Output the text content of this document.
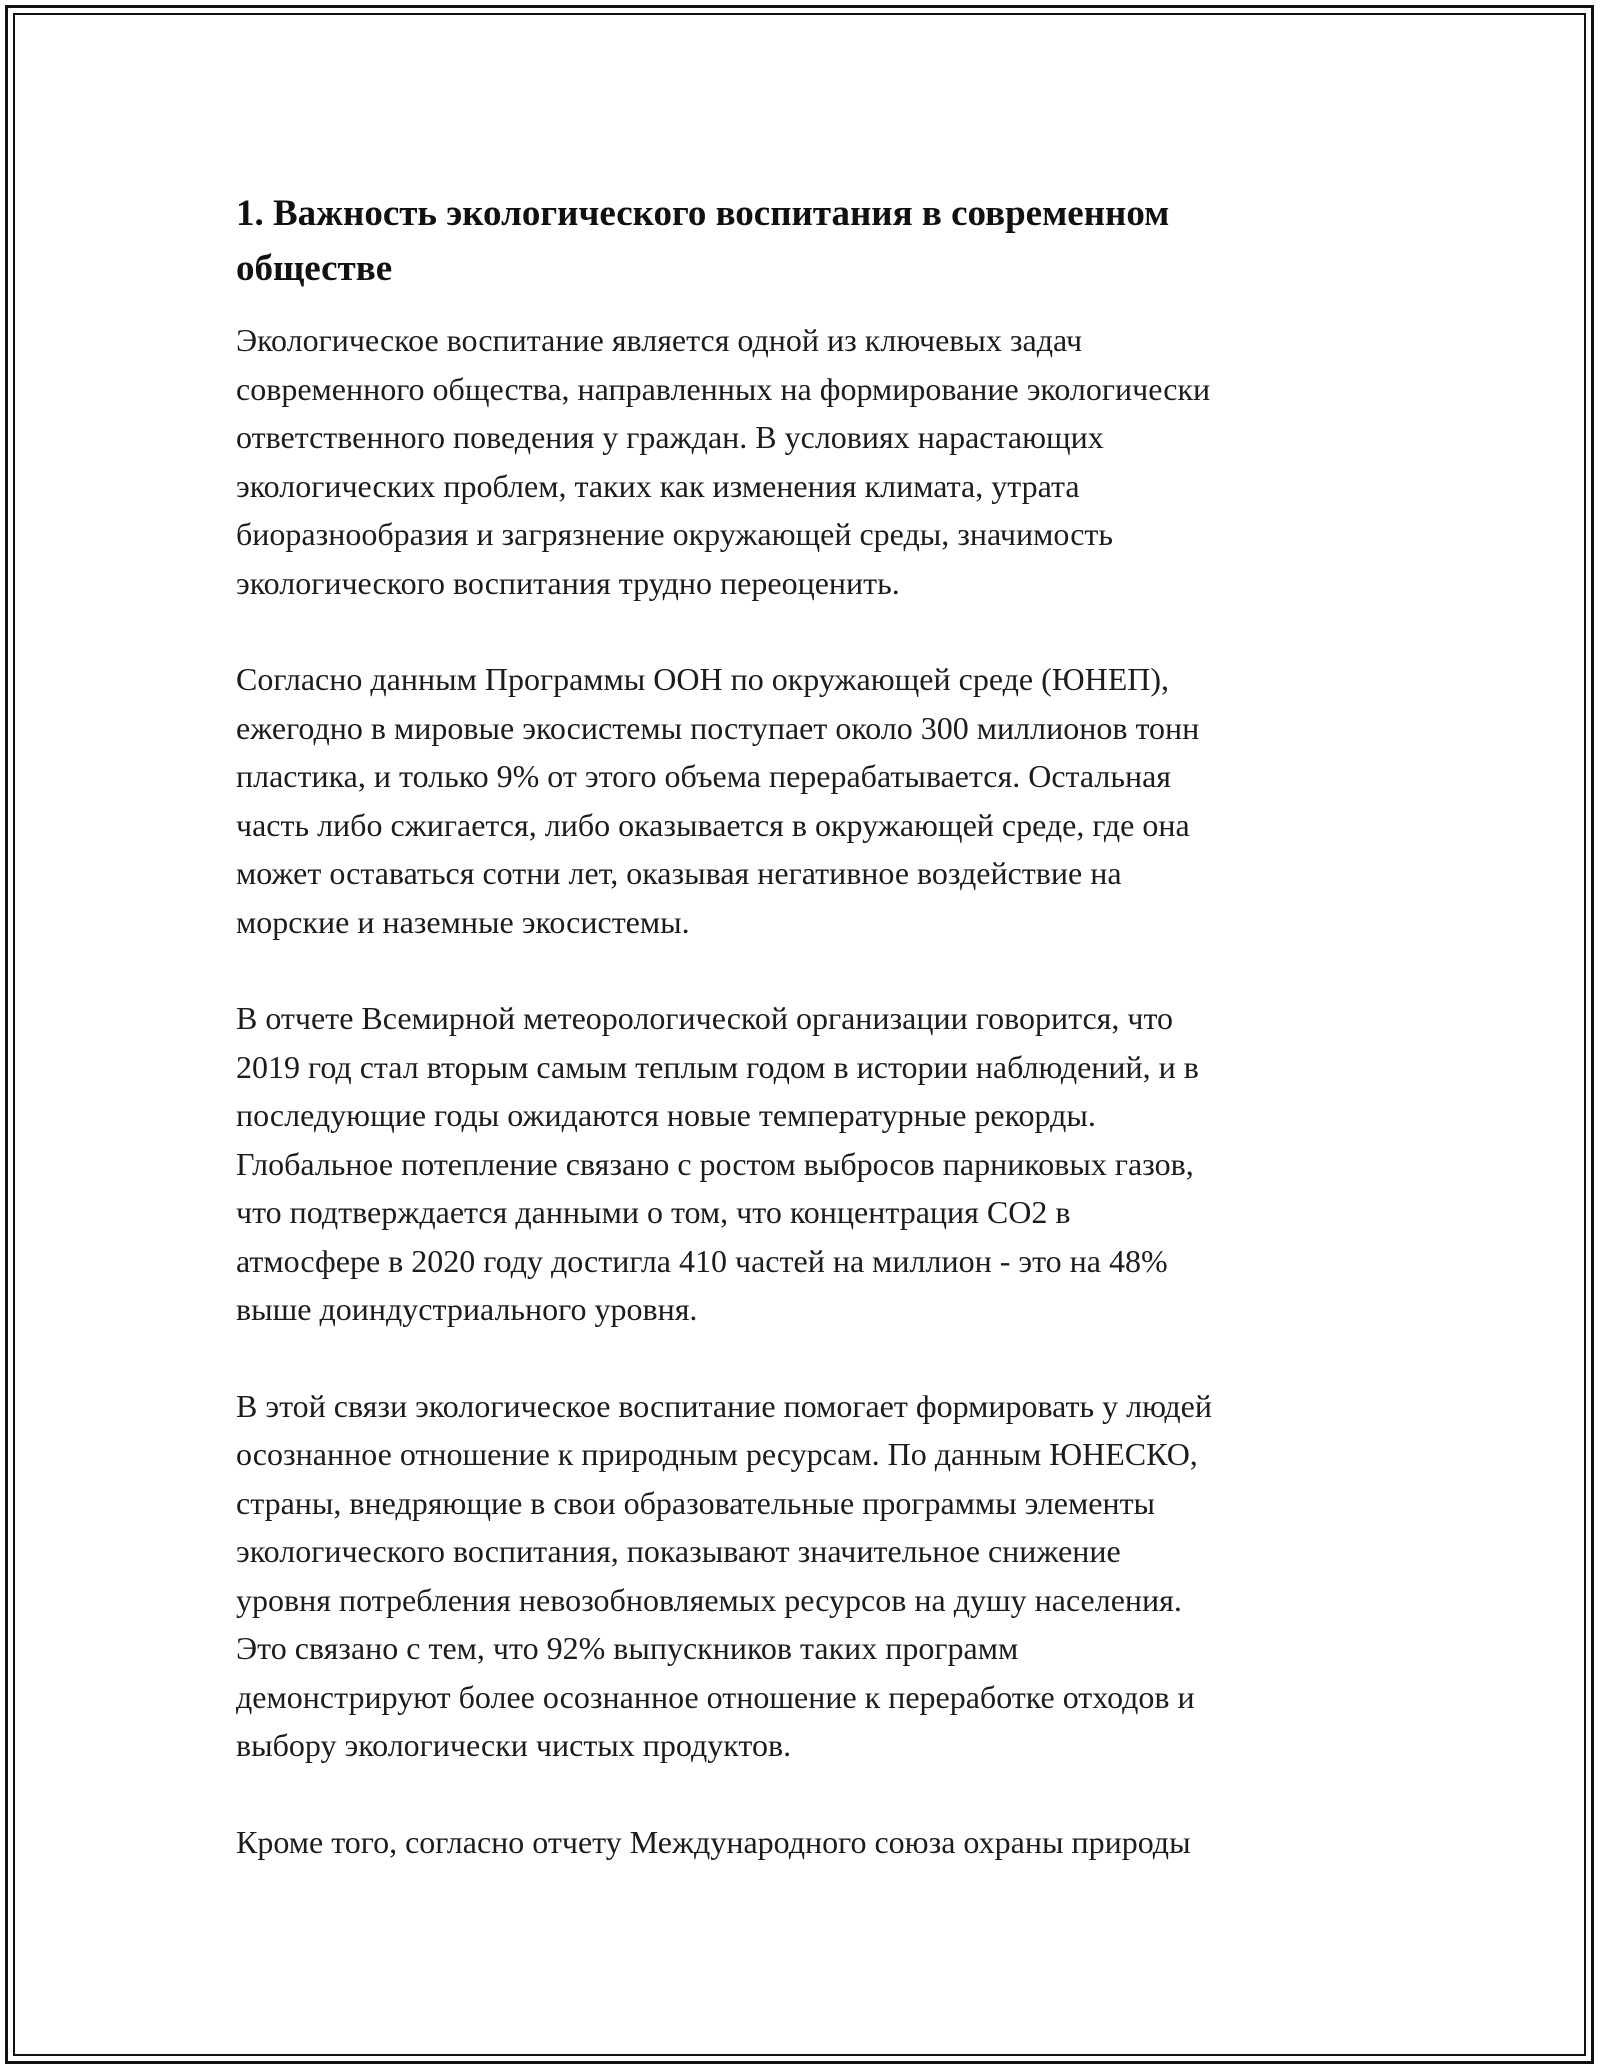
1. Важность экологического воспитания в современном
обществе

Экологическое воспитание является одной из ключевых задач
современного общества, направленных на формирование экологически
ответственного поведения у граждан. В условиях нарастающих
экологических проблем, таких как изменения климата, утрата
биоразнообразия и загрязнение окружающей среды, значимость
экологического воспитания трудно переоценить.

Согласно данным Программы ООН по окружающей среде (ЮНЕП),
ежегодно в мировые экосистемы поступает около 300 миллионов тонн
пластика, и только 9% от этого объема перерабатывается. Остальная
часть либо сжигается, либо оказывается в окружающей среде, где она
может оставаться сотни лет, оказывая негативное воздействие на
морские и наземные экосистемы.

В отчете Всемирной метеорологической организации говорится, что
2019 год стал вторым самым теплым годом в истории наблюдений, и в
последующие годы ожидаются новые температурные рекорды.
Глобальное потепление связано с ростом выбросов парниковых газов,
что подтверждается данными о том, что концентрация CO2 в
атмосфере в 2020 году достигла 410 частей на миллион - это на 48%
выше доиндустриального уровня.

В этой связи экологическое воспитание помогает формировать у людей
осознанное отношение к природным ресурсам. По данным ЮНЕСКО,
страны, внедряющие в свои образовательные программы элементы
экологического воспитания, показывают значительное снижение
уровня потребления невозобновляемых ресурсов на душу населения.
Это связано с тем, что 92% выпускников таких программ
демонстрируют более осознанное отношение к переработке отходов и
выбору экологически чистых продуктов.

Кроме того, согласно отчету Международного союза охраны природы
